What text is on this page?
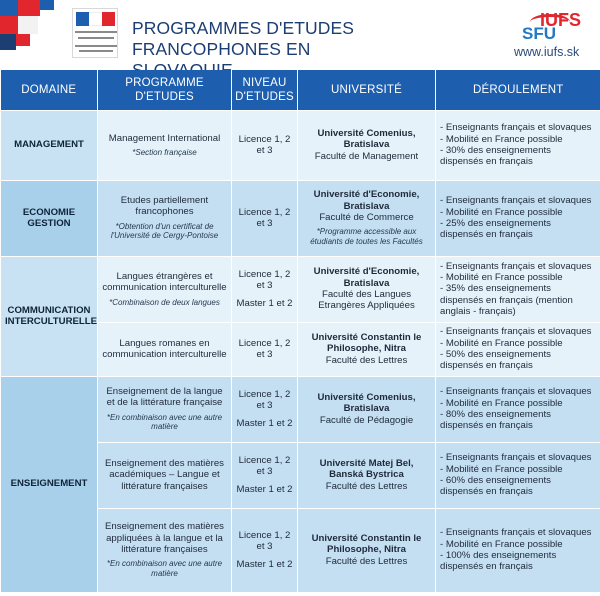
PROGRAMMES D'ETUDES
FRANCOPHONES EN
IUFS
SFU
www.iufs.sk
DOMAINE	PROGRAMME D'ETUDES	NIVEAU D'ETUDES	UNIVERSITÉ	DÉROULEMENT
MANAGEMENT	Management International
*Section française	Licence 1, 2 et 3	Université Comenius, Bratislava
Faculté de Management	- Enseignants français et slovaques
- Mobilité en France possible
- 30% des enseignements dispensés en français

ECONOMIE GESTION	Etudes partiellement francophones
*Obtention d'un certificat de l'Université de Cergy-Pontoise	Licence 1, 2 et 3	Université d'Economie, Bratislava
Faculté de Commerce
*Programme accessible aux étudiants de toutes les Facultés	- Enseignants français et slovaques
- Mobilité en France possible
- 25% des enseignements dispensés en français

COMMUNICATION INTERCULTURELLE	Langues étrangères et communication interculturelle
*Combinaison de deux langues	Licence 1, 2 et 3
Master 1 et 2	Université d'Economie, Bratislava
Faculté des Langues Etrangères Appliquées	- Enseignants français et slovaques
- Mobilité en France possible
- 35% des enseignements dispensés en français (mention anglais - français)

	Langues romanes en communication interculturelle	Licence 1, 2 et 3	Université Constantin le Philosophe, Nitra
Faculté des Lettres	- Enseignants français et slovaques
- Mobilité en France possible
- 50% des enseignements dispensés en français

ENSEIGNEMENT	Enseignement de la langue et de la littérature française
*En combinaison avec une autre matière	Licence 1, 2 et 3
Master 1 et 2	Université Comenius, Bratislava
Faculté de Pédagogie	- Enseignants français et slovaques
- Mobilité en France possible
- 80% des enseignements dispensés en français

	Enseignement des matières académiques – Langue et littérature françaises	Licence 1, 2 et 3
Master 1 et 2	Université Matej Bel, Banská Bystrica
Faculté des Lettres	- Enseignants français et slovaques
- Mobilité en France possible
- 60% des enseignements dispensés en français

	Enseignement des matières appliquées à la langue et la littérature françaises
*En combinaison avec une autre matière	Licence 1, 2 et 3
Master 1 et 2	Université Constantin le Philosophe, Nitra
Faculté des Lettres	- Enseignants français et slovaques
- Mobilité en France possible
- 100% des enseignements dispensés en français
